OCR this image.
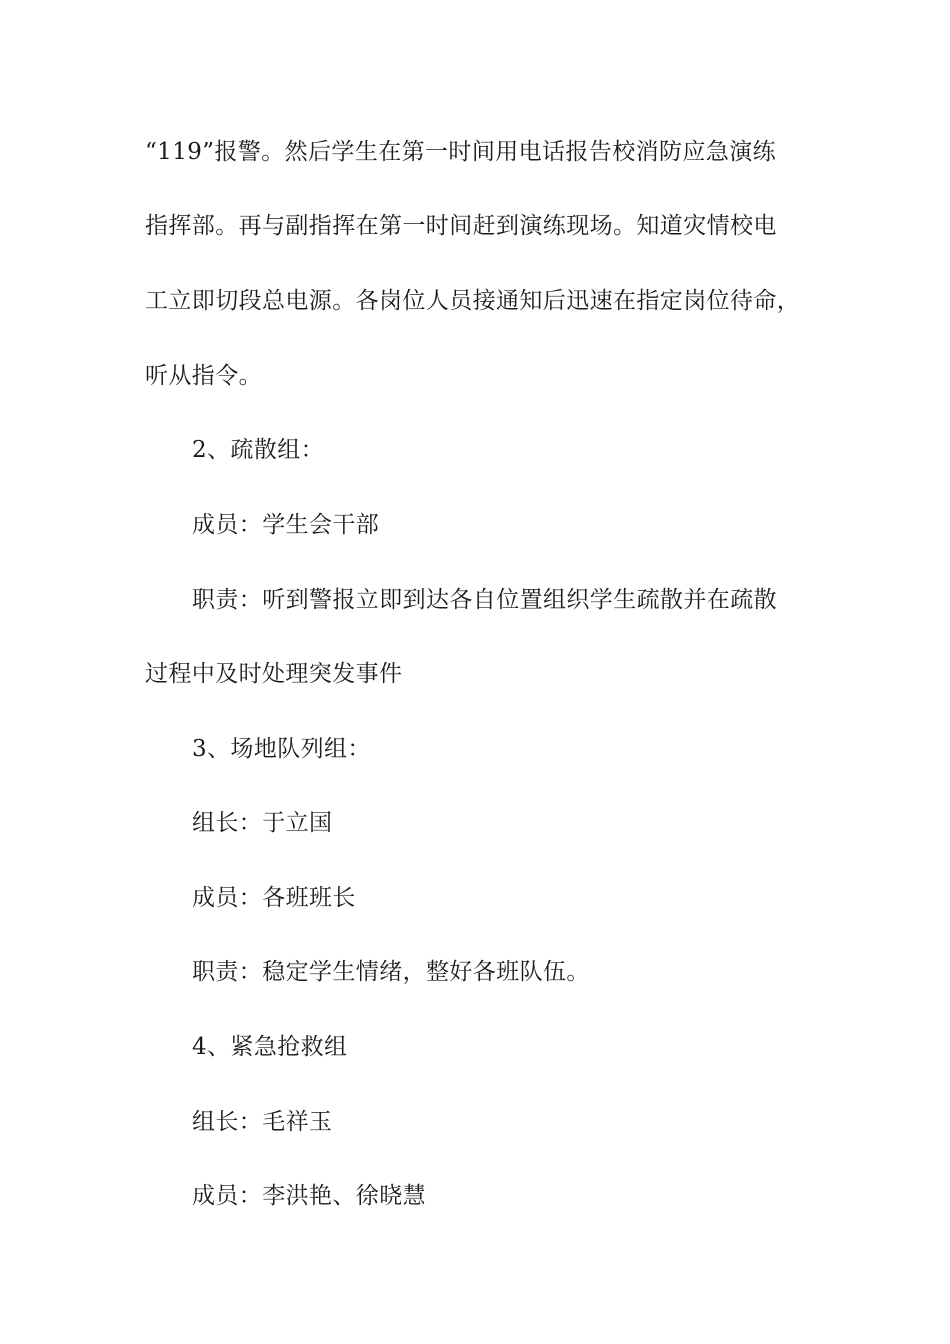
“119”报警。然后学生在第一时间用电话报告校消防应急演练

指挥部。再与副指挥在第一时间赶到演练现场。知道灾情校电

工立即切段总电源。各岗位人员接通知后迅速在指定岗位待命，

听从指令。

2、疏散组：

成员：学生会干部

职责：听到警报立即到达各自位置组织学生疏散并在疏散

过程中及时处理突发事件

3、场地队列组：

组长：于立国

成员：各班班长

职责：稳定学生情绪，整好各班队伍。

4、紧急抢救组

组长：毛祥玉

成员：李洪艳、徐晓慧
